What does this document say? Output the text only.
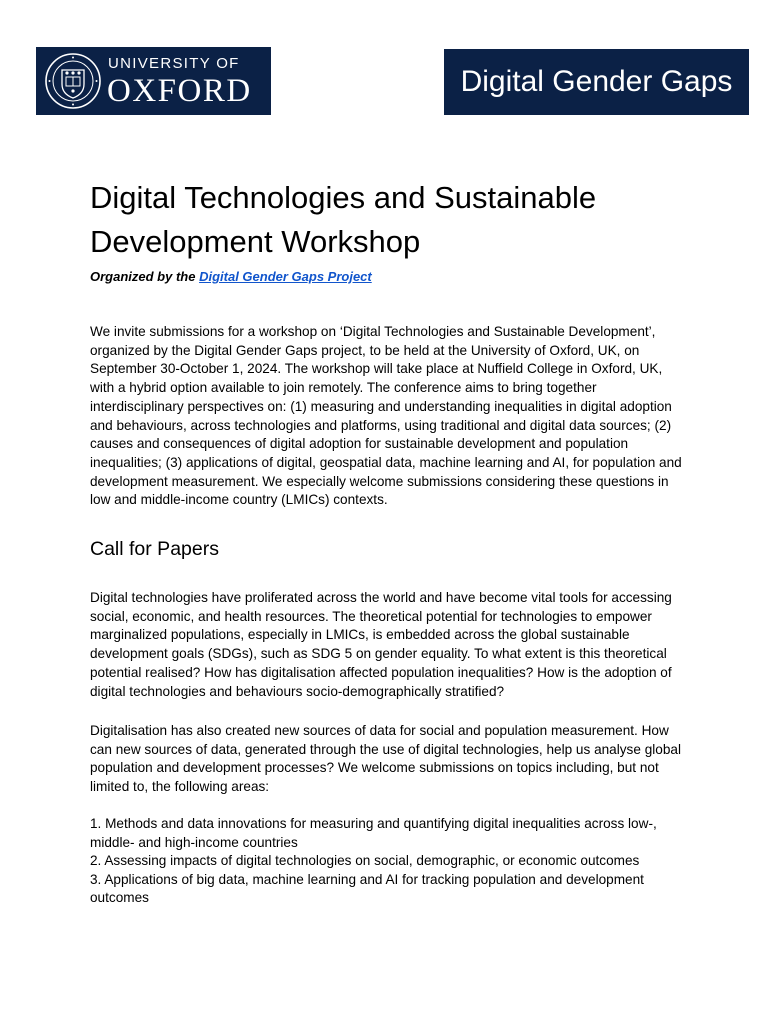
UNIVERSITY OF
OXFORD	Digital Gender Gaps
Digital Technologies and Sustainable Development Workshop
Organized by the Digital Gender Gaps Project

We invite submissions for a workshop on ‘Digital Technologies and Sustainable Development’, organized by the Digital Gender Gaps project, to be held at the University of Oxford, UK, on September 30-October 1, 2024. The workshop will take place at Nuffield College in Oxford, UK, with a hybrid option available to join remotely. The conference aims to bring together interdisciplinary perspectives on: (1) measuring and understanding inequalities in digital adoption and behaviours, across technologies and platforms, using traditional and digital data sources; (2) causes and consequences of digital adoption for sustainable development and population inequalities; (3) applications of digital, geospatial data, machine learning and AI, for population and development measurement. We especially welcome submissions considering these questions in low and middle-income country (LMICs) contexts.

Call for Papers

Digital technologies have proliferated across the world and have become vital tools for accessing social, economic, and health resources. The theoretical potential for technologies to empower marginalized populations, especially in LMICs, is embedded across the global sustainable development goals (SDGs), such as SDG 5 on gender equality. To what extent is this theoretical potential realised? How has digitalisation affected population inequalities? How is the adoption of digital technologies and behaviours socio-demographically stratified?

Digitalisation has also created new sources of data for social and population measurement. How can new sources of data, generated through the use of digital technologies, help us analyse global population and development processes? We welcome submissions on topics including, but not limited to, the following areas:

1. Methods and data innovations for measuring and quantifying digital inequalities across low-, middle- and high-income countries
2. Assessing impacts of digital technologies on social, demographic, or economic outcomes
3. Applications of big data, machine learning and AI for tracking population and development outcomes
